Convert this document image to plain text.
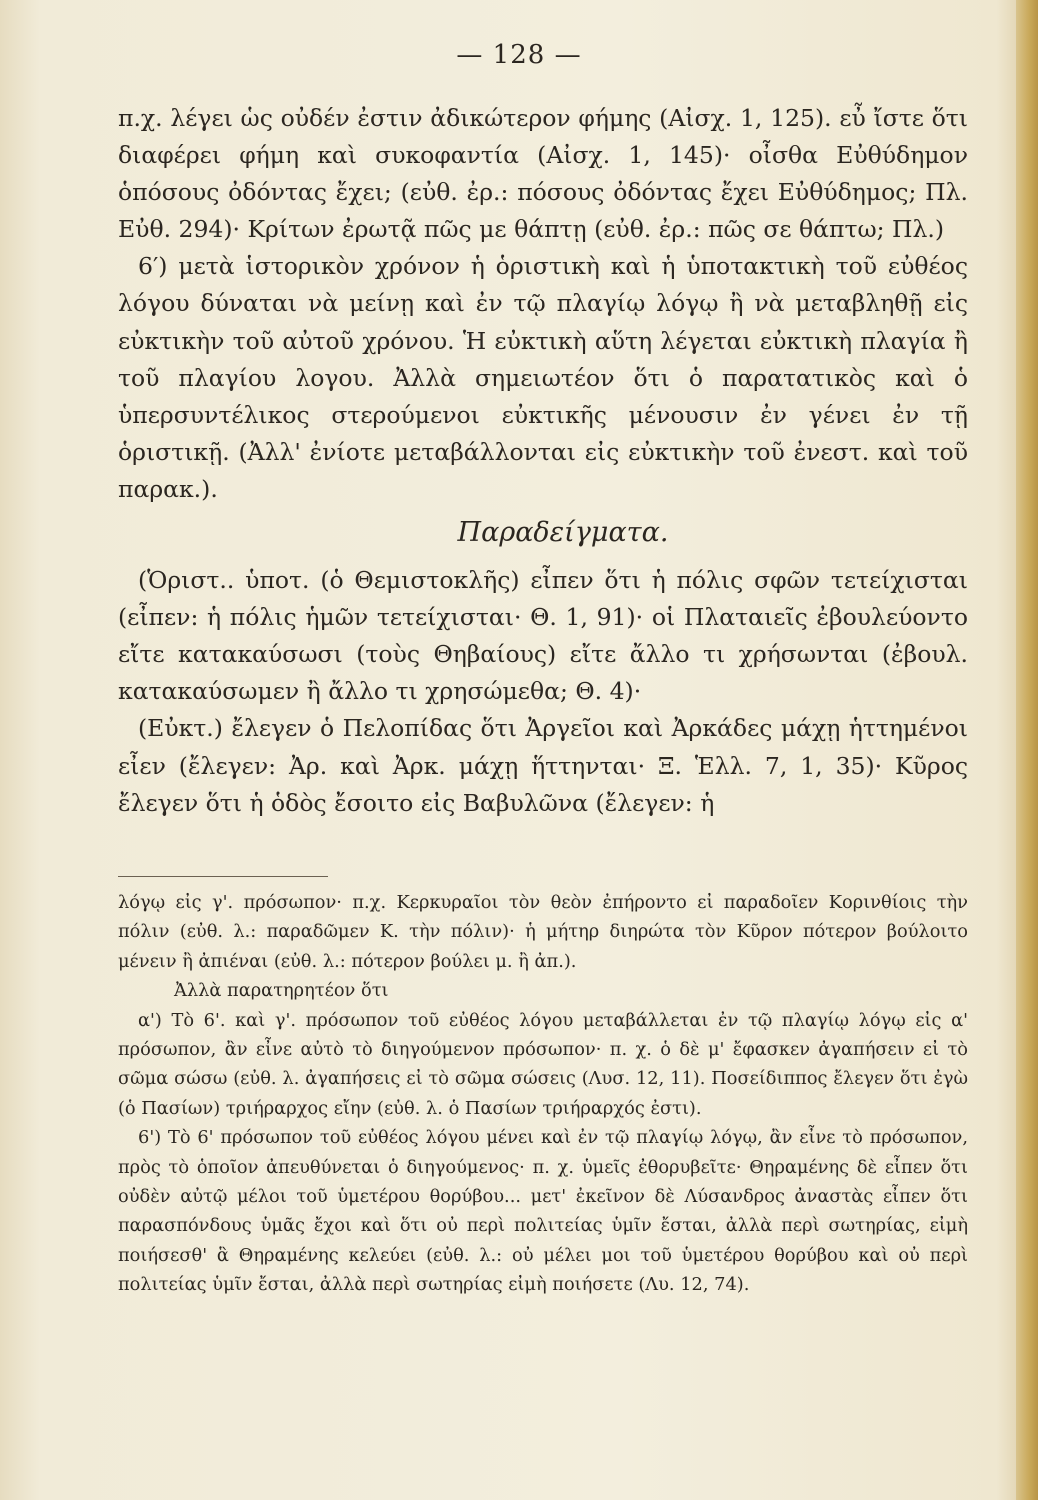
— 128 —

π.χ. λέγει ὡς οὐδέν ἐστιν ἀδικώτερον φήμης (Αἰσχ. 1, 125). εὖ ἴστε ὅτι διαφέρει φήμη καὶ συκοφαντία (Αἰσχ. 1, 145)· οἶσθα Εὐθύδημον ὁπόσους ὀδόντας ἔχει; (εὐθ. ἐρ.: πόσους ὀδόντας ἔχει Εὐθύδημος; Πλ. Εὐθ. 294)· Κρίτων ἐρωτᾷ πῶς με θάπτῃ (εὐθ. ἐρ.: πῶς σε θάπτω; Πλ.)

6′) μετὰ ἱστορικὸν χρόνον ἡ ὁριστικὴ καὶ ἡ ὑποτακτικὴ τοῦ εὐθέος λόγου δύναται νὰ μείνῃ καὶ ἐν τῷ πλαγίῳ λόγῳ ἢ νὰ μεταβληθῇ εἰς εὐκτικὴν τοῦ αὐτοῦ χρόνου. Ἡ εὐκτικὴ αὕτη λέγεται εὐκτικὴ πλαγία ἢ τοῦ πλαγίου λογου. Ἀλλὰ σημειωτέον ὅτι ὁ παρατατικὸς καὶ ὁ ὑπερσυντέλικος στερούμενοι εὐκτικῆς μένουσιν ἐν γένει ἐν τῇ ὁριστικῇ. (Ἀλλ' ἐνίοτε μεταβάλλονται εἰς εὐκτικὴν τοῦ ἐνεστ. καὶ τοῦ παρακ.).

Παραδείγματα.

(Ὁριστ.. ὑποτ. (ὁ Θεμιστοκλῆς) εἶπεν ὅτι ἡ πόλις σφῶν τετείχισται (εἶπεν: ἡ πόλις ἡμῶν τετείχισται· Θ. 1, 91)· οἱ Πλαταιεῖς ἐβουλεύοντο εἴτε κατακαύσωσι (τοὺς Θηβαίους) εἴτε ἄλλο τι χρήσωνται (ἐβουλ. κατακαύσωμεν ἢ ἄλλο τι χρησώμεθα; Θ. 4)·

(Εὐκτ.) ἔλεγεν ὁ Πελοπίδας ὅτι Ἀργεῖοι καὶ Ἀρκάδες μάχῃ ἡττημένοι εἶεν (ἔλεγεν: Ἀρ. καὶ Ἀρκ. μάχῃ ἥττηνται· Ξ. Ἑλλ. 7, 1, 35)· Κῦρος ἔλεγεν ὅτι ἡ ὁδὸς ἔσοιτο εἰς Βαβυλῶνα (ἔλεγεν: ἡ

λόγῳ εἰς γ'. πρόσωπον· π.χ. Κερκυραῖοι τὸν θεὸν ἐπήροντο εἰ παραδοῖεν Κορινθίοις τὴν πόλιν (εὐθ. λ.: παραδῶμεν Κ. τὴν πόλιν)· ἡ μήτηρ διηρώτα τὸν Κῦρον πότερον βούλοιτο μένειν ἢ ἀπιέναι (εὐθ. λ.: πότερον βούλει μ. ἢ ἀπ.).

Ἀλλὰ παρατηρητέον ὅτι

α') Τὸ 6'. καὶ γ'. πρόσωπον τοῦ εὐθέος λόγου μεταβάλλεται ἐν τῷ πλαγίῳ λόγῳ εἰς α' πρόσωπον, ἂν εἶνε αὐτὸ τὸ διηγούμενον πρόσωπον· π. χ. ὁ δὲ μ' ἔφασκεν ἀγαπήσειν εἰ τὸ σῶμα σώσω (εὐθ. λ. ἀγαπήσεις εἰ τὸ σῶμα σώσεις (Λυσ. 12, 11). Ποσείδιππος ἔλεγεν ὅτι ἐγὼ (ὁ Πασίων) τριήραρχος εἴην (εὐθ. λ. ὁ Πασίων τριήραρχός ἐστι).

6') Τὸ 6' πρόσωπον τοῦ εὐθέος λόγου μένει καὶ ἐν τῷ πλαγίῳ λόγῳ, ἂν εἶνε τὸ πρόσωπον, πρὸς τὸ ὁποῖον ἀπευθύνεται ὁ διηγούμενος· π. χ. ὑμεῖς ἐθορυβεῖτε· Θηραμένης δὲ εἶπεν ὅτι οὐδὲν αὐτῷ μέλοι τοῦ ὑμετέρου θορύβου... μετ' ἐκεῖνον δὲ Λύσανδρος ἀναστὰς εἶπεν ὅτι παρασπόνδους ὑμᾶς ἔχοι καὶ ὅτι οὐ περὶ πολιτείας ὑμῖν ἔσται, ἀλλὰ περὶ σωτηρίας, εἰμὴ ποιήσεσθ' ἃ Θηραμένης κελεύει (εὐθ. λ.: οὐ μέλει μοι τοῦ ὑμετέρου θορύβου καὶ οὐ περὶ πολιτείας ὑμῖν ἔσται, ἀλλὰ περὶ σωτηρίας εἰμὴ ποιήσετε (Λυ. 12, 74).
